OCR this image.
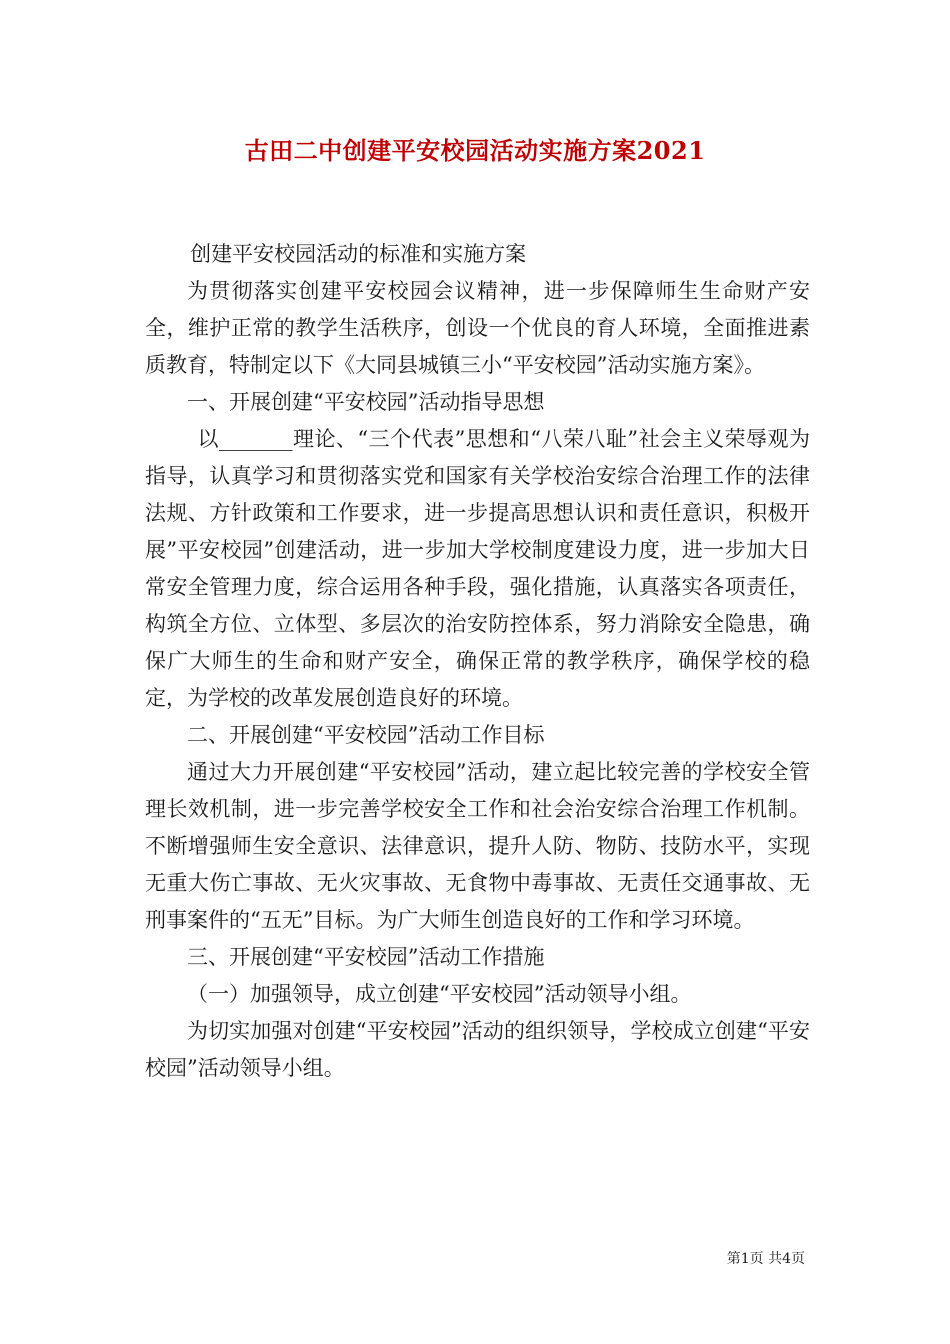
古田二中创建平安校园活动实施方案2021

创建平安校园活动的标准和实施方案

为贯彻落实创建平安校园会议精神，进一步保障师生生命财产安全，维护正常的教学生活秩序，创设一个优良的育人环境，全面推进素质教育，特制定以下《大同县城镇三小“平安校园”活动实施方案》。

一、开展创建“平安校园”活动指导思想

以_______理论、“三个代表”思想和“八荣八耻”社会主义荣辱观为指导，认真学习和贯彻落实党和国家有关学校治安综合治理工作的法律法规、方针政策和工作要求，进一步提高思想认识和责任意识，积极开展”平安校园”创建活动，进一步加大学校制度建设力度，进一步加大日常安全管理力度，综合运用各种手段，强化措施，认真落实各项责任，构筑全方位、立体型、多层次的治安防控体系，努力消除安全隐患，确保广大师生的生命和财产安全，确保正常的教学秩序，确保学校的稳定，为学校的改革发展创造良好的环境。

二、开展创建“平安校园”活动工作目标

通过大力开展创建“平安校园”活动，建立起比较完善的学校安全管理长效机制，进一步完善学校安全工作和社会治安综合治理工作机制。不断增强师生安全意识、法律意识，提升人防、物防、技防水平，实现无重大伤亡事故、无火灾事故、无食物中毒事故、无责任交通事故、无刑事案件的“五无”目标。为广大师生创造良好的工作和学习环境。

三、开展创建“平安校园”活动工作措施

（一）加强领导，成立创建“平安校园”活动领导小组。

为切实加强对创建“平安校园”活动的组织领导，学校成立创建“平安校园”活动领导小组。

第1页 共4页
